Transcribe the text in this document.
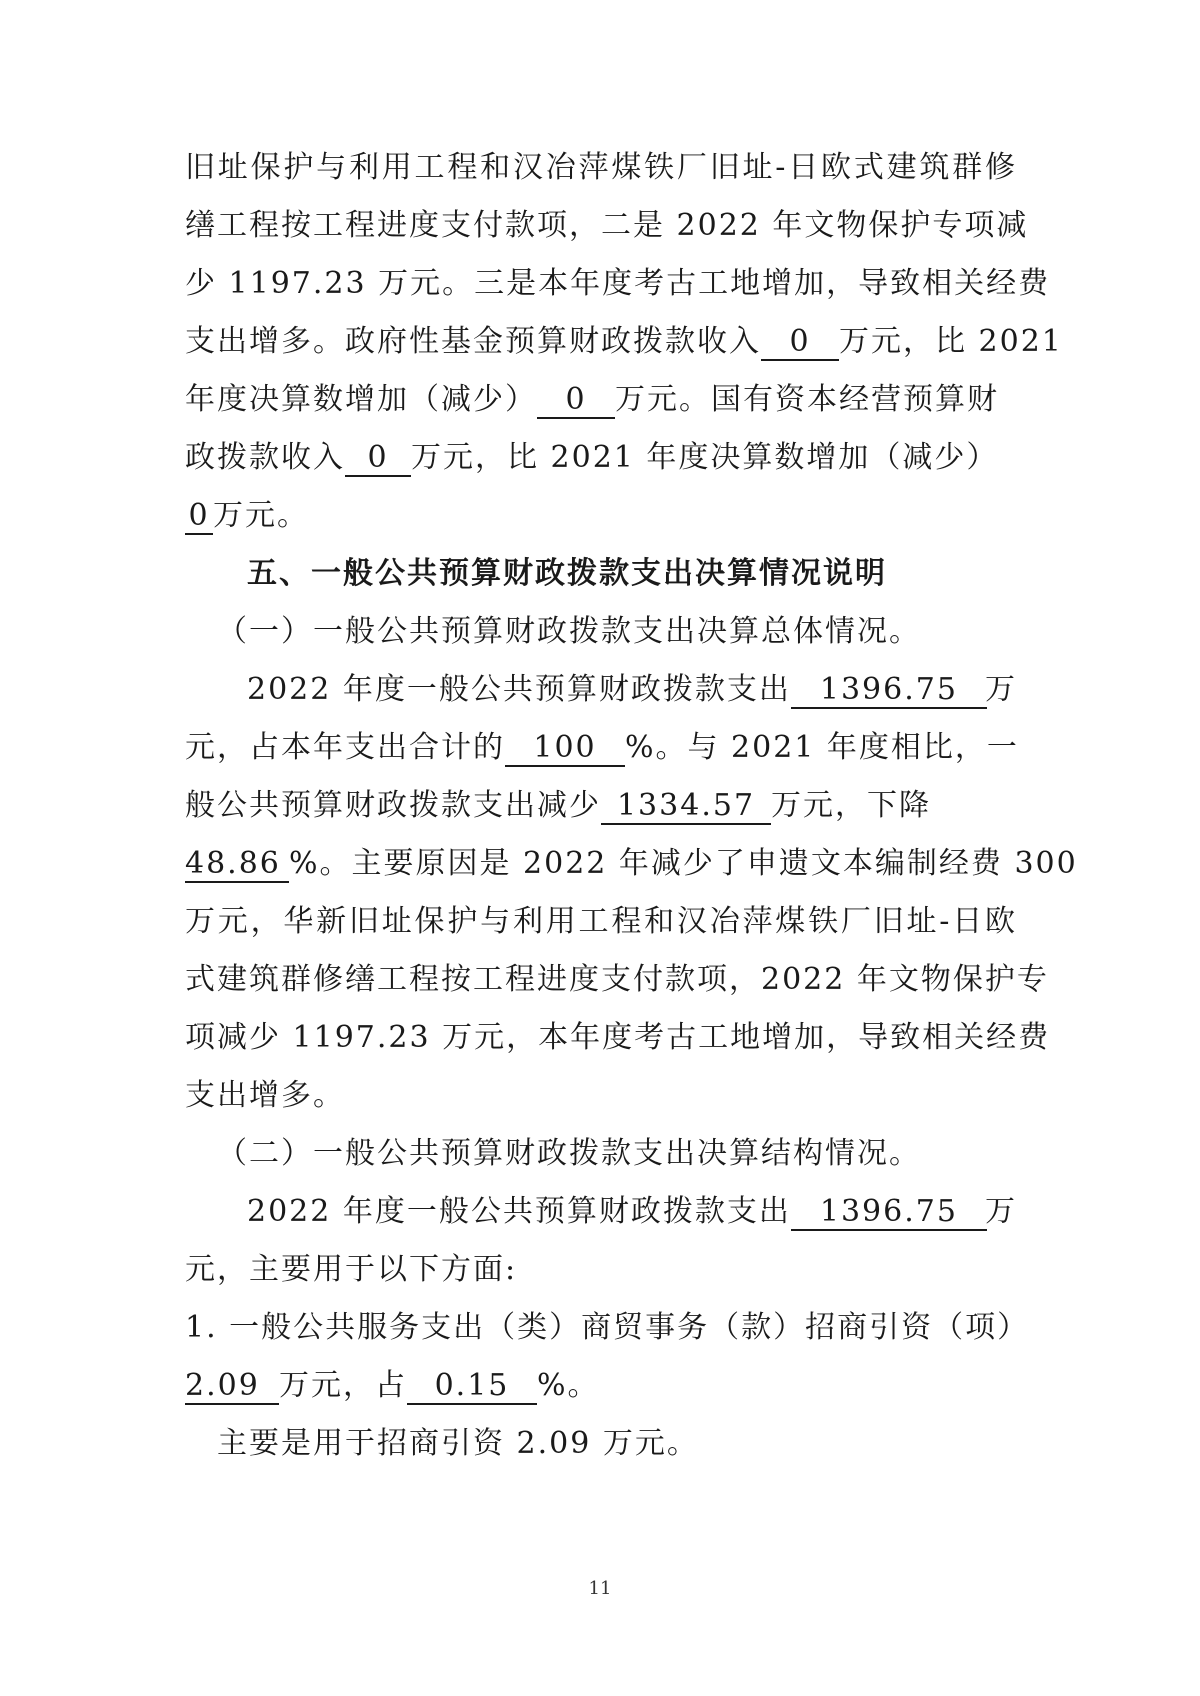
旧址保护与利用工程和汉冶萍煤铁厂旧址-日欧式建筑群修
缮工程按工程进度支付款项，二是 2022 年文物保护专项减
少 1197.23 万元。三是本年度考古工地增加，导致相关经费
支出增多。政府性基金预算财政拨款收入 0 万元，比 2021
年度决算数增加（减少） 0 万元。国有资本经营预算财
政拨款收入 0 万元，比 2021 年度决算数增加（减少）
0 万元。
五、一般公共预算财政拨款支出决算情况说明
（一）一般公共预算财政拨款支出决算总体情况。
2022 年度一般公共预算财政拨款支出 1396.75 万
元，占本年支出合计的 100 %。与 2021 年度相比，一
般公共预算财政拨款支出减少 1334.57 万元，下降
48.86 %。主要原因是 2022 年减少了申遗文本编制经费 300
万元，华新旧址保护与利用工程和汉冶萍煤铁厂旧址-日欧
式建筑群修缮工程按工程进度支付款项，2022 年文物保护专
项减少 1197.23 万元，本年度考古工地增加，导致相关经费
支出增多。
（二）一般公共预算财政拨款支出决算结构情况。
2022 年度一般公共预算财政拨款支出 1396.75 万
元，主要用于以下方面:
1. 一般公共服务支出（类）商贸事务（款）招商引资（项）
2.09 万元，占 0.15 %。
主要是用于招商引资 2.09 万元。
11
